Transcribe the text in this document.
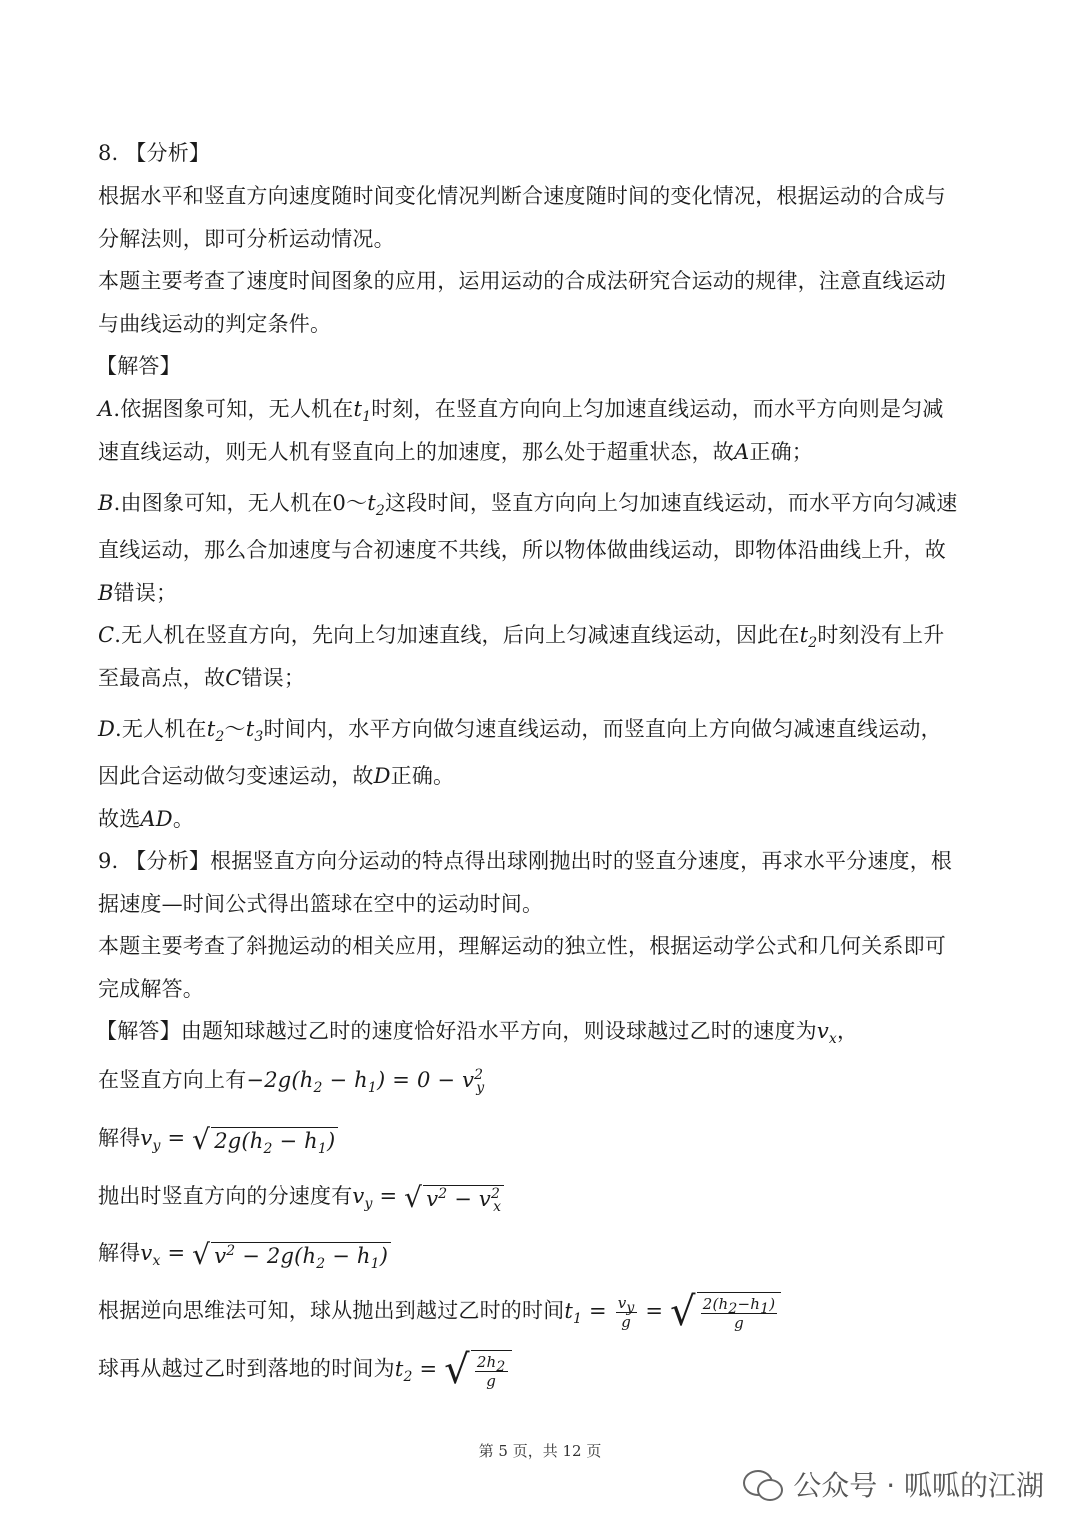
8. 【分析】
根据水平和竖直方向速度随时间变化情况判断合速度随时间的变化情况，根据运动的合成与
分解法则，即可分析运动情况。
本题主要考查了速度时间图象的应用，运用运动的合成法研究合运动的规律，注意直线运动
与曲线运动的判定条件。
【解答】
A.依据图象可知，无人机在$t_1$时刻，在竖直方向向上匀加速直线运动，而水平方向则是匀减
速直线运动，则无人机有竖直向上的加速度，那么处于超重状态，故A正确；
B.由图象可知，无人机在$0\sim t_2$这段时间，竖直方向向上匀加速直线运动，而水平方向匀减速
直线运动，那么合加速度与合初速度不共线，所以物体做曲线运动，即物体沿曲线上升，故
B错误；
C.无人机在竖直方向，先向上匀加速直线，后向上匀减速直线运动，因此在$t_2$时刻没有上升
至最高点，故C错误；
D.无人机在$t_2\sim t_3$时间内，水平方向做匀速直线运动，而竖直向上方向做匀减速直线运动，
因此合运动做匀变速运动，故D正确。
故选AD。
9. 【分析】根据竖直方向分运动的特点得出球刚抛出时的竖直分速度，再求水平分速度，根
据速度—时间公式得出篮球在空中的运动时间。
本题主要考查了斜抛运动的相关应用，理解运动的独立性，根据运动学公式和几何关系即可
完成解答。
【解答】由题知球越过乙时的速度恰好沿水平方向，则设球越过乙时的速度为$v_x$，
在竖直方向上有$-2g(h_2 - h_1) = 0 - v^2_y$
解得$v_y$ = √ $2g(h_2 - h_1)$
抛出时竖直方向的分速度有$v_y$ = √ $v^2 - v^2_x$
解得$v_x$ = √ $v^2 - 2g(h_2 - h_1)$
根据逆向思维法可知，球从抛出到越过乙时的时间$t_1 = \frac{v_y}{g}$ = √ $\frac{2(h_2-h_1)}{g}$
球再从越过乙时到落地的时间为$t_2$ = √ $\frac{2h_2}{g}$
第 5 页，共 12 页
公众号 · 呱呱的江湖
